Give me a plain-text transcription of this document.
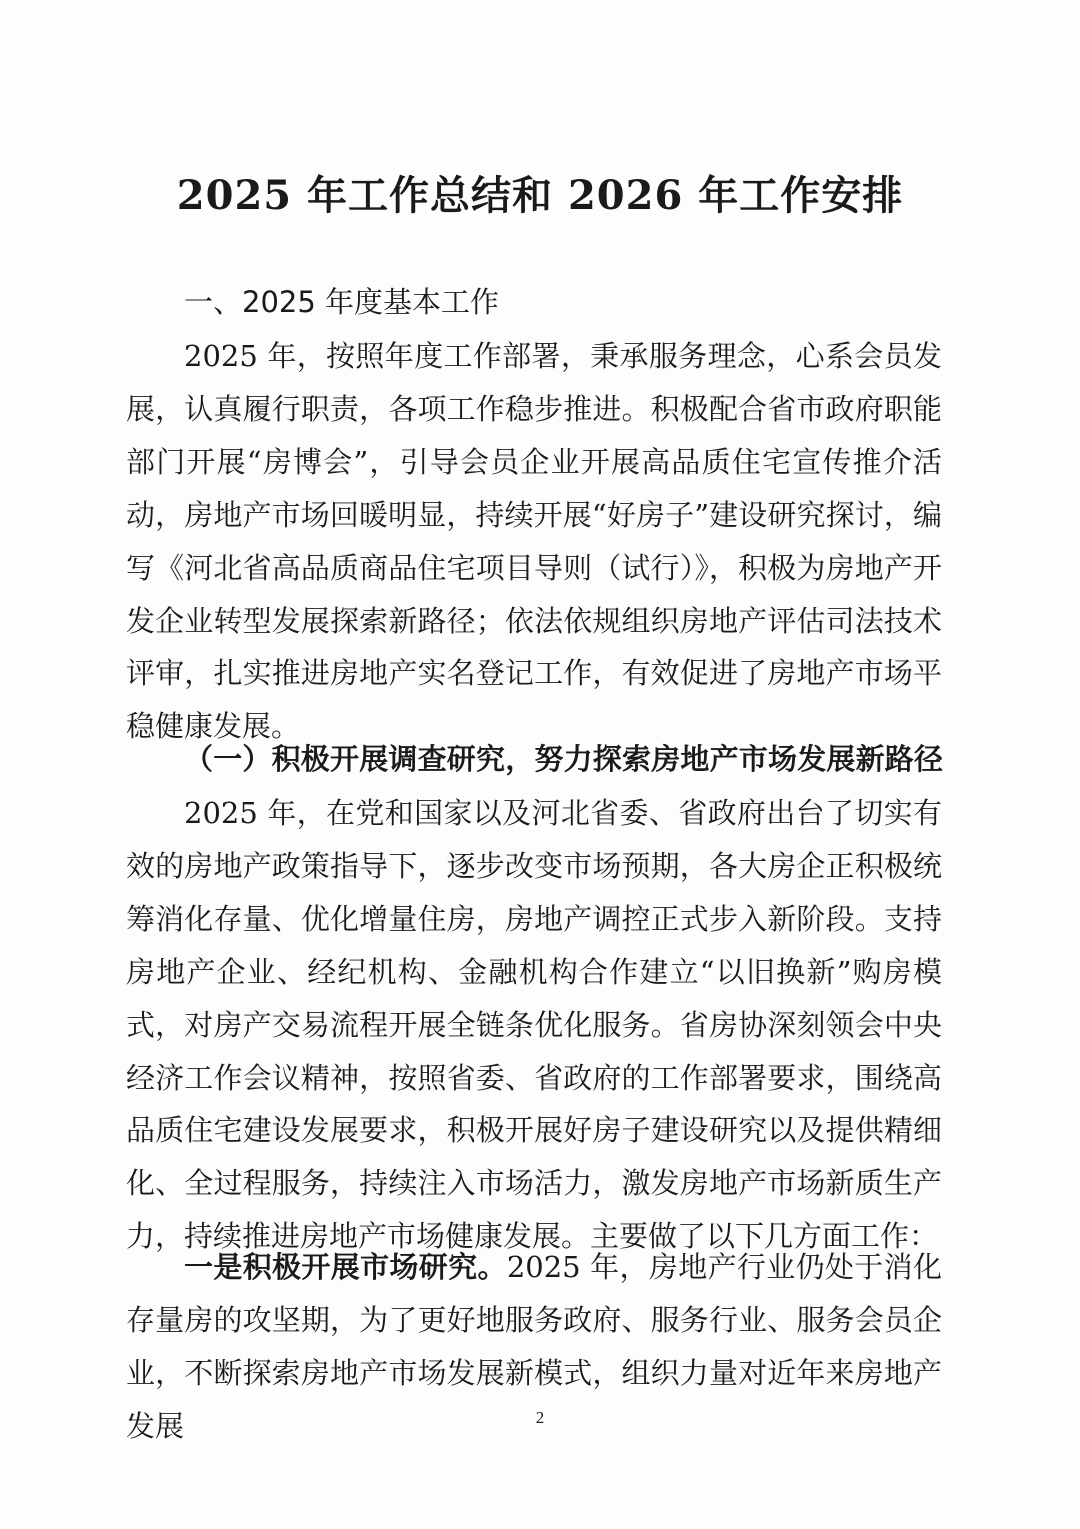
2025 年工作总结和 2026 年工作安排

一、2025 年度基本工作

2025 年，按照年度工作部署，秉承服务理念，心系会员发展，认真履行职责，各项工作稳步推进。积极配合省市政府职能部门开展“房博会”，引导会员企业开展高品质住宅宣传推介活动，房地产市场回暖明显，持续开展“好房子”建设研究探讨，编写《河北省高品质商品住宅项目导则（试行）》，积极为房地产开发企业转型发展探索新路径；依法依规组织房地产评估司法技术评审，扎实推进房地产实名登记工作，有效促进了房地产市场平稳健康发展。

（一）积极开展调查研究，努力探索房地产市场发展新路径

2025 年，在党和国家以及河北省委、省政府出台了切实有效的房地产政策指导下，逐步改变市场预期，各大房企正积极统筹消化存量、优化增量住房，房地产调控正式步入新阶段。支持房地产企业、经纪机构、金融机构合作建立“以旧换新”购房模式，对房产交易流程开展全链条优化服务。省房协深刻领会中央经济工作会议精神，按照省委、省政府的工作部署要求，围绕高品质住宅建设发展要求，积极开展好房子建设研究以及提供精细化、全过程服务，持续注入市场活力，激发房地产市场新质生产力，持续推进房地产市场健康发展。主要做了以下几方面工作：

一是积极开展市场研究。2025 年，房地产行业仍处于消化存量房的攻坚期，为了更好地服务政府、服务行业、服务会员企业，不断探索房地产市场发展新模式，组织力量对近年来房地产发展	2
